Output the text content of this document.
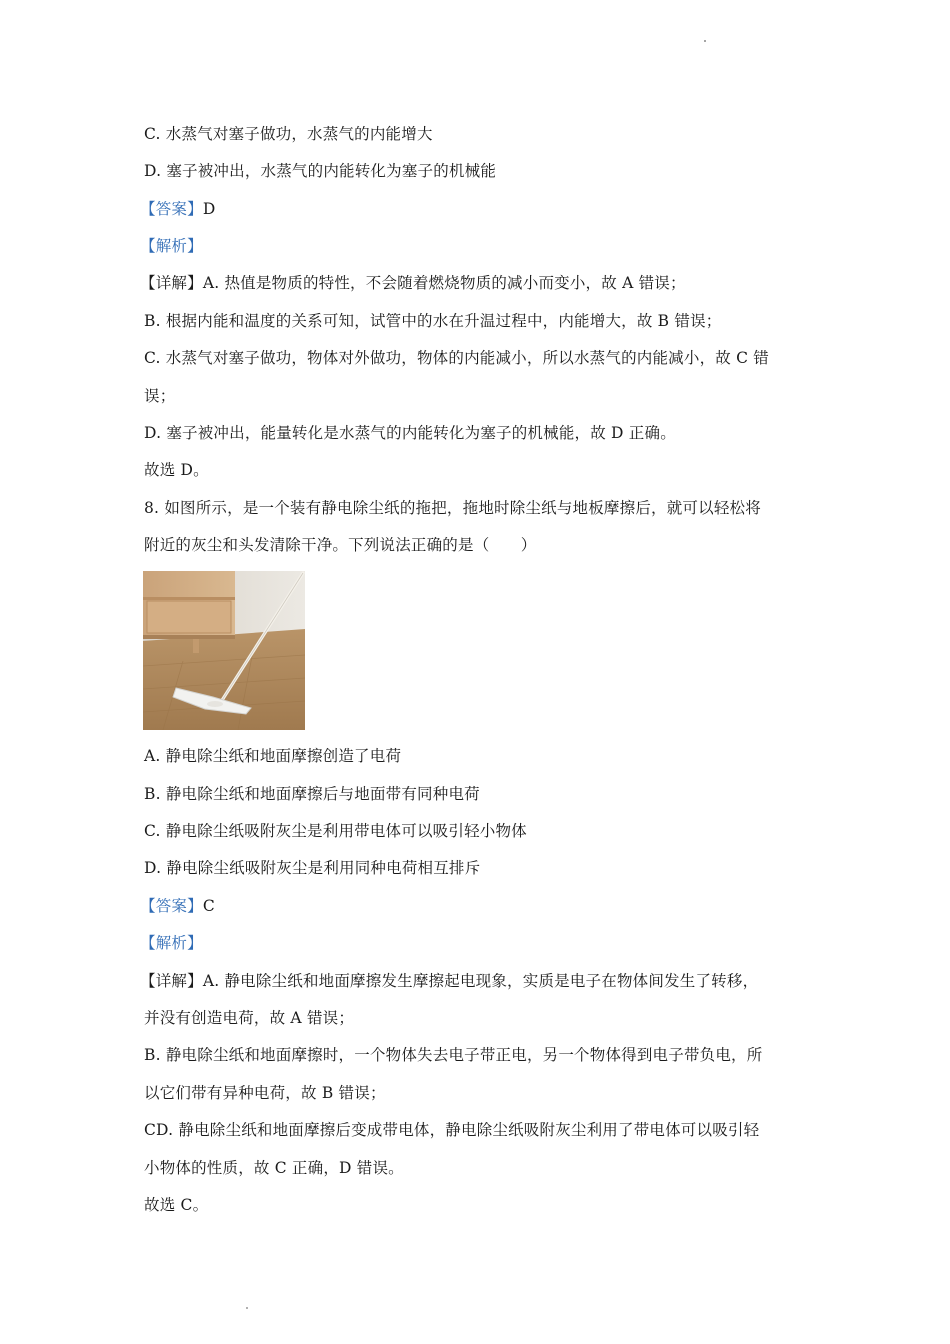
C. 水蒸气对塞子做功，水蒸气的内能增大
D. 塞子被冲出，水蒸气的内能转化为塞子的机械能
【答案】D
【解析】
【详解】A. 热值是物质的特性，不会随着燃烧物质的减小而变小，故 A 错误；
B. 根据内能和温度的关系可知，试管中的水在升温过程中，内能增大，故 B 错误；
C. 水蒸气对塞子做功，物体对外做功，物体的内能减小，所以水蒸气的内能减小，故 C 错
误；
D. 塞子被冲出，能量转化是水蒸气的内能转化为塞子的机械能，故 D 正确。
故选 D。
8. 如图所示，是一个装有静电除尘纸的拖把，拖地时除尘纸与地板摩擦后，就可以轻松将
附近的灰尘和头发清除干净。下列说法正确的是（　　）
A. 静电除尘纸和地面摩擦创造了电荷
B. 静电除尘纸和地面摩擦后与地面带有同种电荷
C. 静电除尘纸吸附灰尘是利用带电体可以吸引轻小物体
D. 静电除尘纸吸附灰尘是利用同种电荷相互排斥
【答案】C
【解析】
【详解】A. 静电除尘纸和地面摩擦发生摩擦起电现象，实质是电子在物体间发生了转移，
并没有创造电荷，故 A 错误；
B. 静电除尘纸和地面摩擦时，一个物体失去电子带正电，另一个物体得到电子带负电，所
以它们带有异种电荷，故 B 错误；
CD. 静电除尘纸和地面摩擦后变成带电体，静电除尘纸吸附灰尘利用了带电体可以吸引轻
小物体的性质，故 C 正确，D 错误。
故选 C。
